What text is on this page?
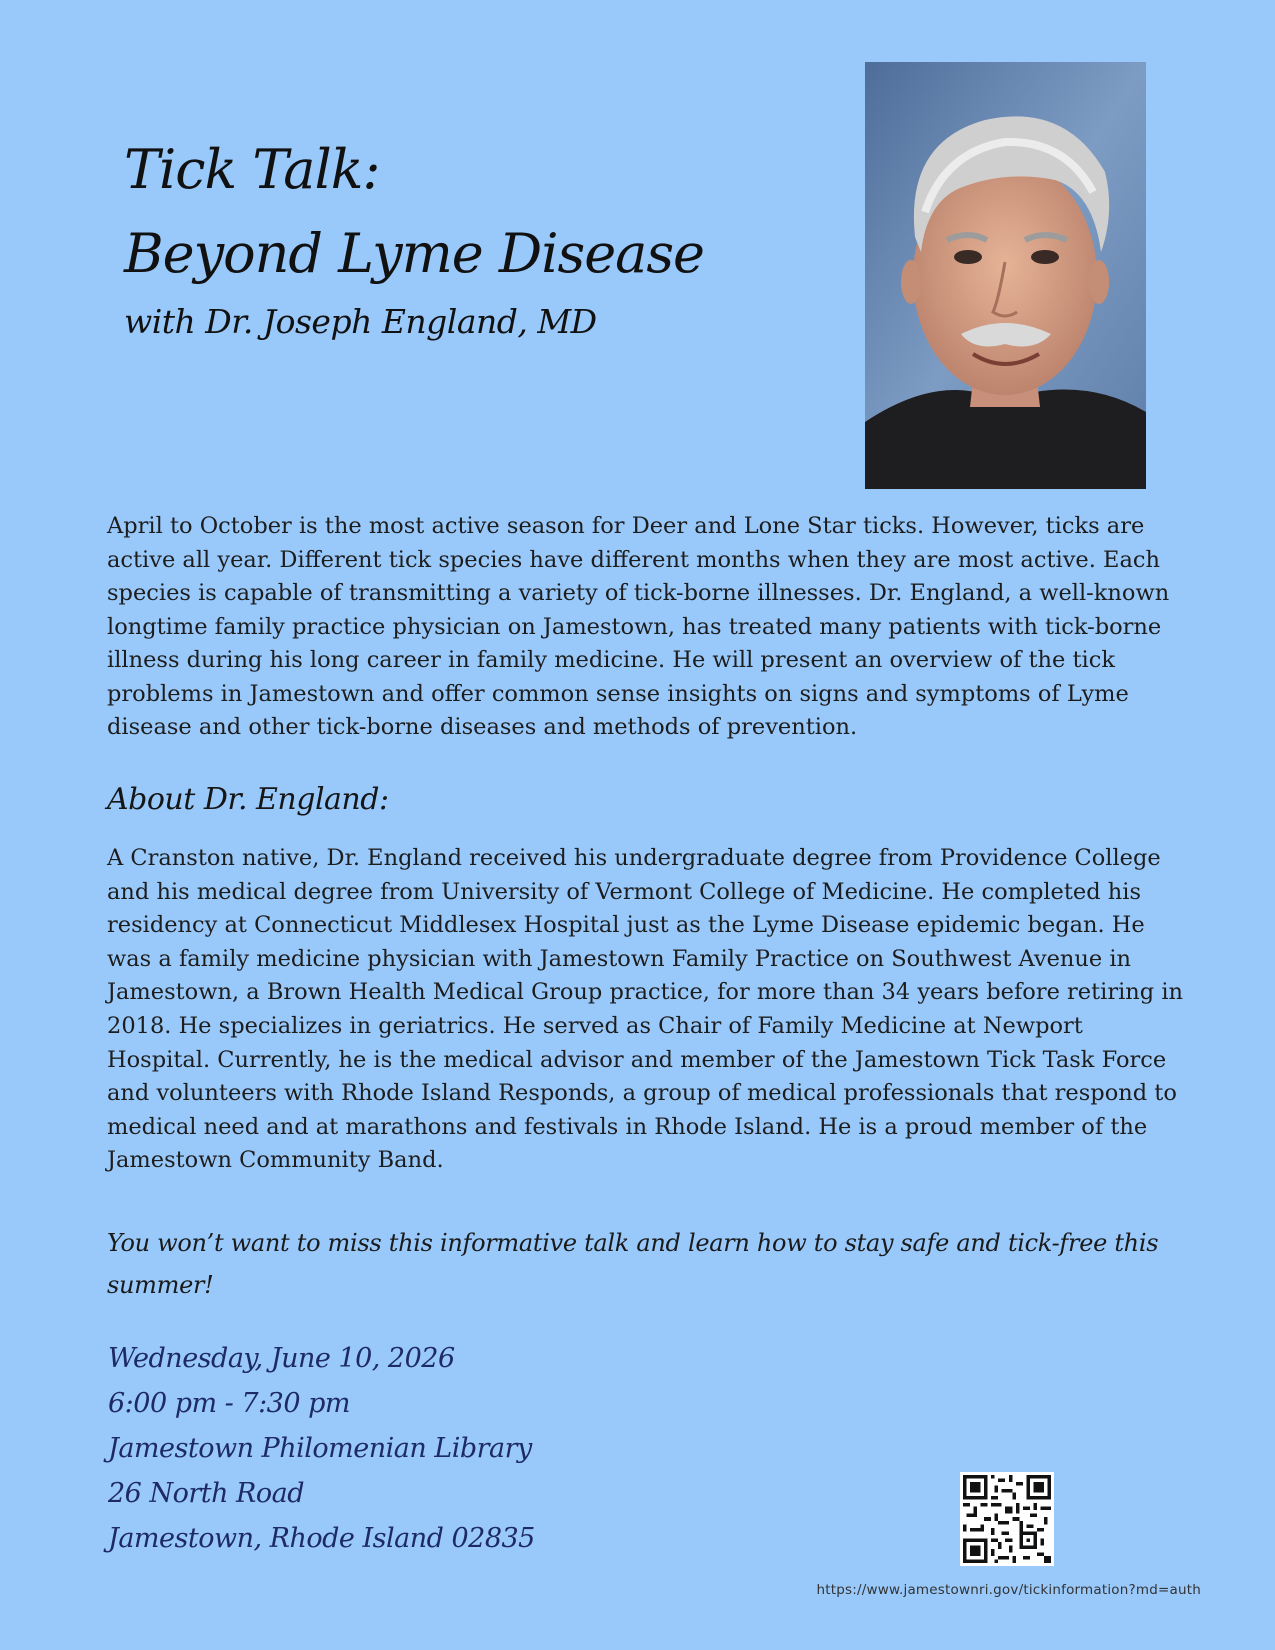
Tick Talk:
Beyond Lyme Disease
with Dr. Joseph England, MD
April to October is the most active season for Deer and Lone Star ticks. However, ticks are active all year. Different tick species have different months when they are most active. Each species is capable of transmitting a variety of tick-borne illnesses. Dr. England, a well-known longtime family practice physician on Jamestown, has treated many patients with tick-borne illness during his long career in family medicine. He will present an overview of the tick problems in Jamestown and offer common sense insights on signs and symptoms of Lyme disease and other tick-borne diseases and methods of prevention.
About Dr. England:
A Cranston native, Dr. England received his undergraduate degree from Providence College and his medical degree from University of Vermont College of Medicine. He completed his residency at Connecticut Middlesex Hospital just as the Lyme Disease epidemic began. He was a family medicine physician with Jamestown Family Practice on Southwest Avenue in Jamestown, a Brown Health Medical Group practice, for more than 34 years before retiring in 2018. He specializes in geriatrics. He served as Chair of Family Medicine at Newport Hospital. Currently, he is the medical advisor and member of the Jamestown Tick Task Force and volunteers with Rhode Island Responds, a group of medical professionals that respond to medical need and at marathons and festivals in Rhode Island. He is a proud member of the Jamestown Community Band.
You won’t want to miss this informative talk and learn how to stay safe and tick-free this summer!
Wednesday, June 10, 2026
6:00 pm - 7:30 pm
Jamestown Philomenian Library
26 North Road
Jamestown, Rhode Island 02835
https://www.jamestownri.gov/tickinformation?md=auth
